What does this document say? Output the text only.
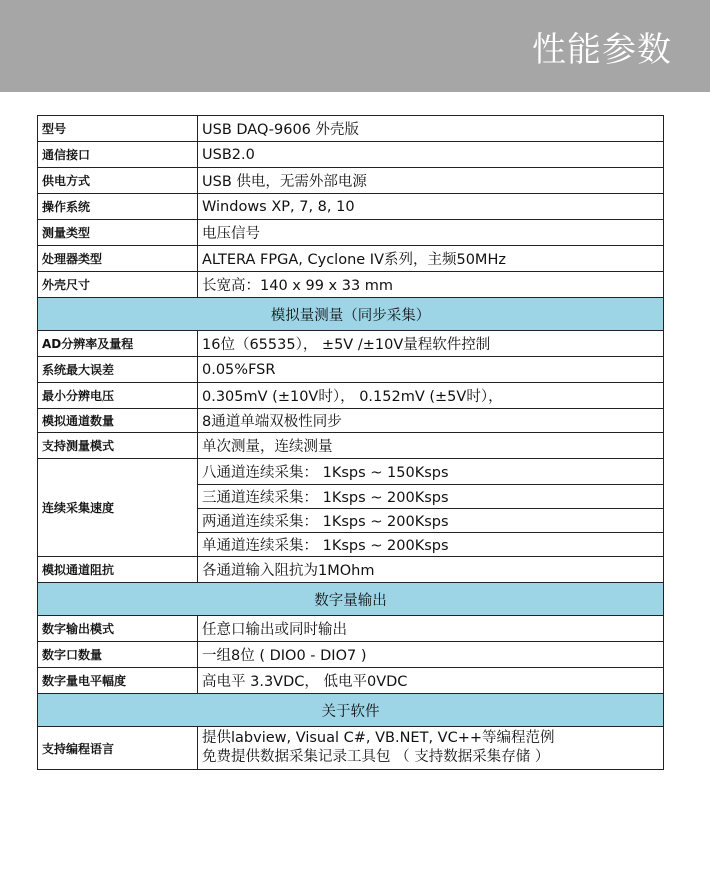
性能参数
型号	USB DAQ-9606 外壳版
通信接口	USB2.0
供电方式	USB 供电，无需外部电源
操作系统	Windows XP, 7, 8, 10
测量类型	电压信号
处理器类型	ALTERA FPGA, Cyclone IV系列，主频50MHz
外壳尺寸	长宽高：140 x 99 x 33 mm
模拟量测量（同步采集）	
AD分辨率及量程	16位（65535）， ±5V /±10V量程软件控制
系统最大误差	0.05%FSR
最小分辨电压	0.305mV (±10V时）， 0.152mV (±5V时），
模拟通道数量	8通道单端双极性同步
支持测量模式	单次测量，连续测量
连续采集速度	八通道连续采集： 1Ksps ~ 150Ksps
	三通道连续采集： 1Ksps ~ 200Ksps
	两通道连续采集： 1Ksps ~ 200Ksps
	单通道连续采集： 1Ksps ~ 200Ksps
模拟通道阻抗	各通道输入阻抗为1MOhm
数字量输出	
数字输出模式	任意口输出或同时输出
数字口数量	一组8位 ( DIO0 - DIO7 )
数字量电平幅度	高电平 3.3VDC， 低电平0VDC
关于软件	
支持编程语言	提供labview, Visual C#, VB.NET, VC++等编程范例
免费提供数据采集记录工具包 （ 支持数据采集存储 ）
